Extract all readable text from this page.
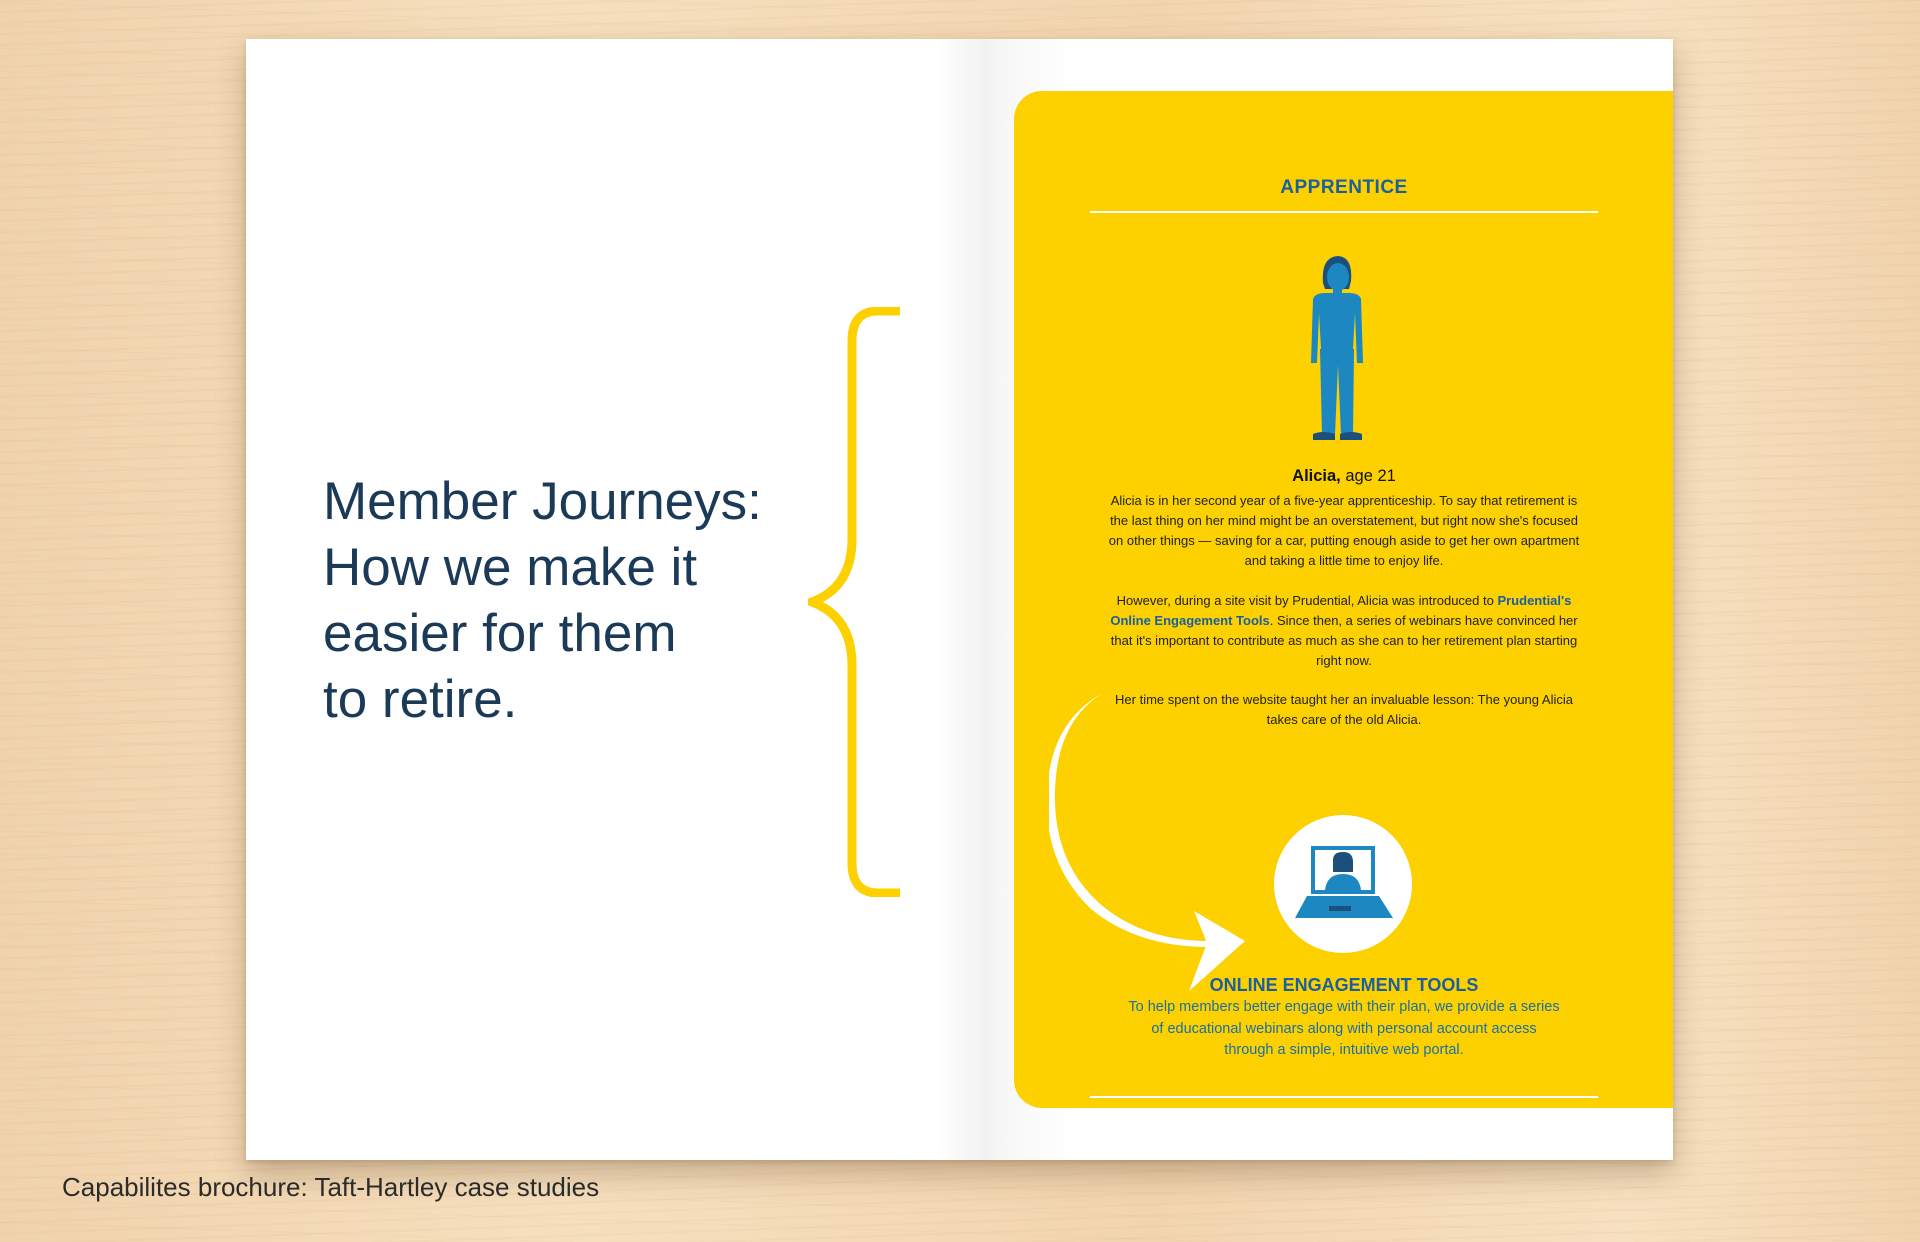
Member Journeys:
How we make it
easier for them
to retire.
APPRENTICE
Alicia, age 21

Alicia is in her second year of a five-year apprenticeship. To say that retirement is the last thing on her mind might be an overstatement, but right now she's focused on other things — saving for a car, putting enough aside to get her own apartment and taking a little time to enjoy life.

However, during a site visit by Prudential, Alicia was introduced to Prudential's Online Engagement Tools. Since then, a series of webinars have convinced her that it's important to contribute as much as she can to her retirement plan starting right now.

Her time spent on the website taught her an invaluable lesson: The young Alicia takes care of the old Alicia.

ONLINE ENGAGEMENT TOOLS

To help members better engage with their plan, we provide a series of educational webinars along with personal account access through a simple, intuitive web portal.

Capabilites brochure: Taft-Hartley case studies
